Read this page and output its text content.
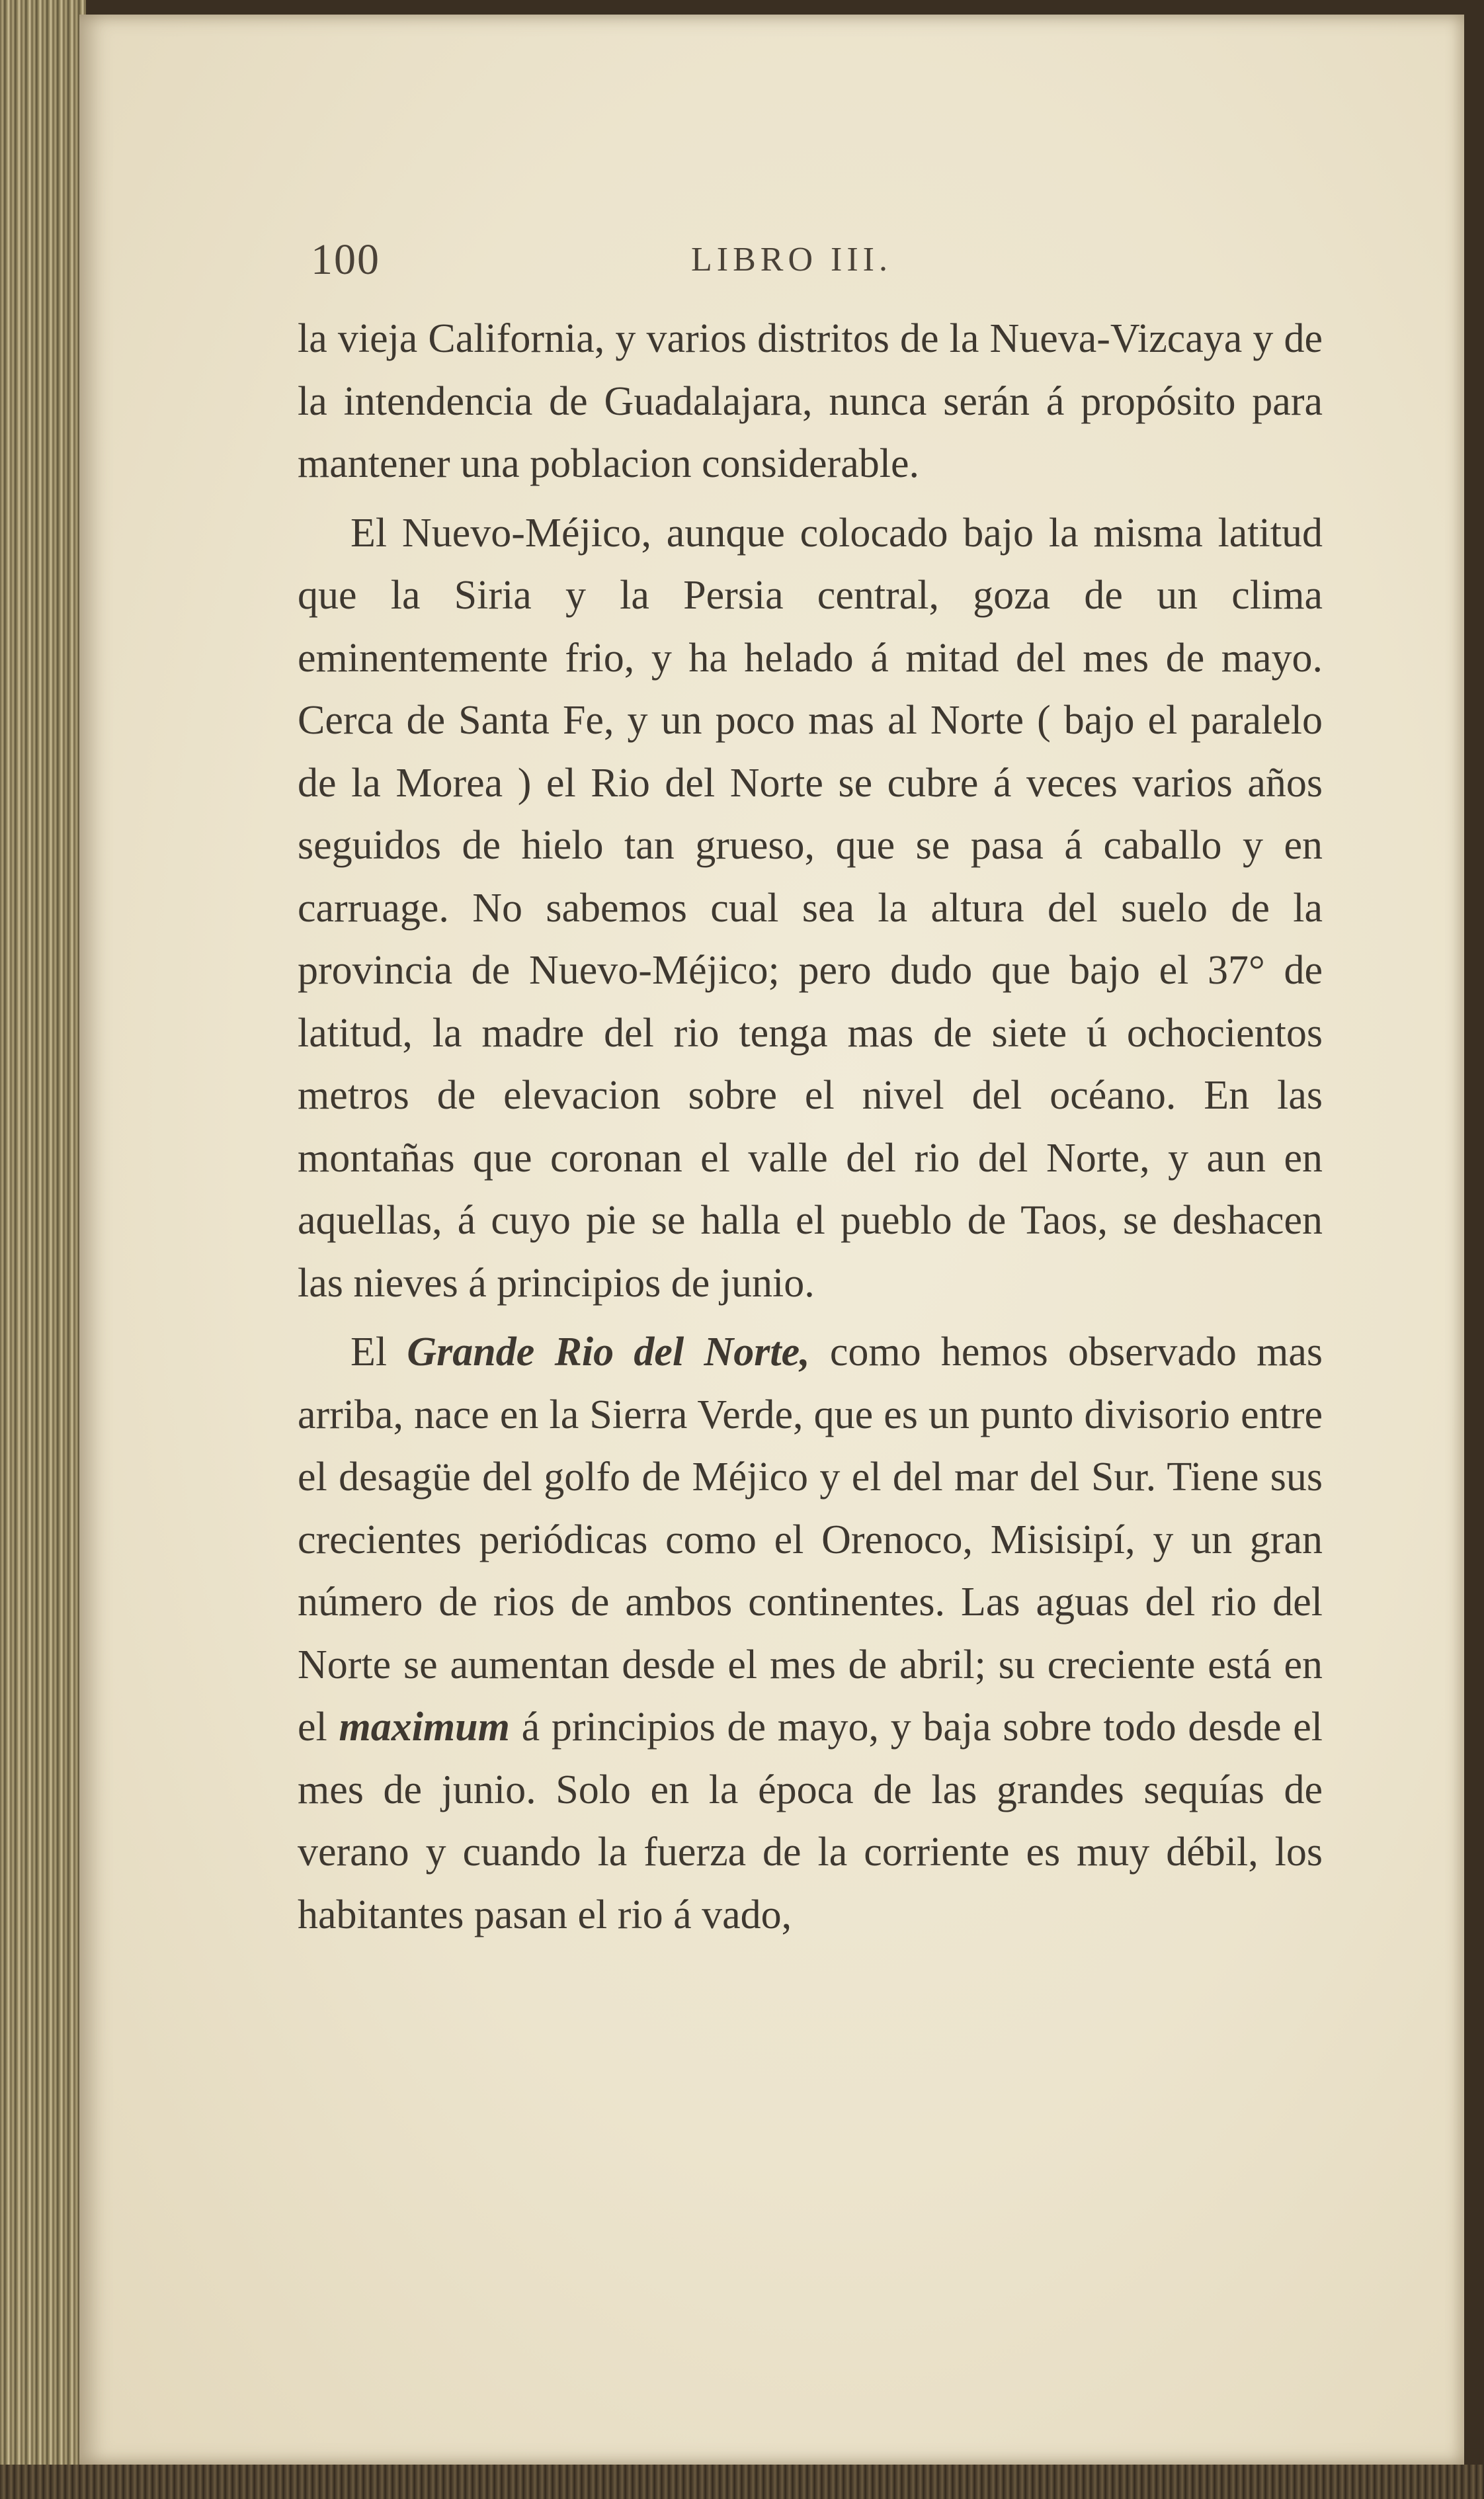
100	LIBRO III.

la vieja California, y varios distritos de la Nueva-Vizcaya y de la intendencia de Guadalajara, nunca serán á propósito para mantener una poblacion considerable.

El Nuevo-Méjico, aunque colocado bajo la misma latitud que la Siria y la Persia central, goza de un clima eminentemente frio, y ha helado á mitad del mes de mayo. Cerca de Santa Fe, y un poco mas al Norte ( bajo el paralelo de la Morea ) el Rio del Norte se cubre á veces varios años seguidos de hielo tan grueso, que se pasa á caballo y en carruage. No sabemos cual sea la altura del suelo de la provincia de Nuevo-Méjico; pero dudo que bajo el 37° de latitud, la madre del rio tenga mas de siete ú ochocientos metros de elevacion sobre el nivel del océano. En las montañas que coronan el valle del rio del Norte, y aun en aquellas, á cuyo pie se halla el pueblo de Taos, se deshacen las nieves á principios de junio.

El Grande Rio del Norte, como hemos observado mas arriba, nace en la Sierra Verde, que es un punto divisorio entre el desagüe del golfo de Méjico y el del mar del Sur. Tiene sus crecientes periódicas como el Orenoco, Misisipí, y un gran número de rios de ambos continentes. Las aguas del rio del Norte se aumentan desde el mes de abril; su creciente está en el maximum á principios de mayo, y baja sobre todo desde el mes de junio. Solo en la época de las grandes sequías de verano y cuando la fuerza de la corriente es muy débil, los habitantes pasan el rio á vado,
